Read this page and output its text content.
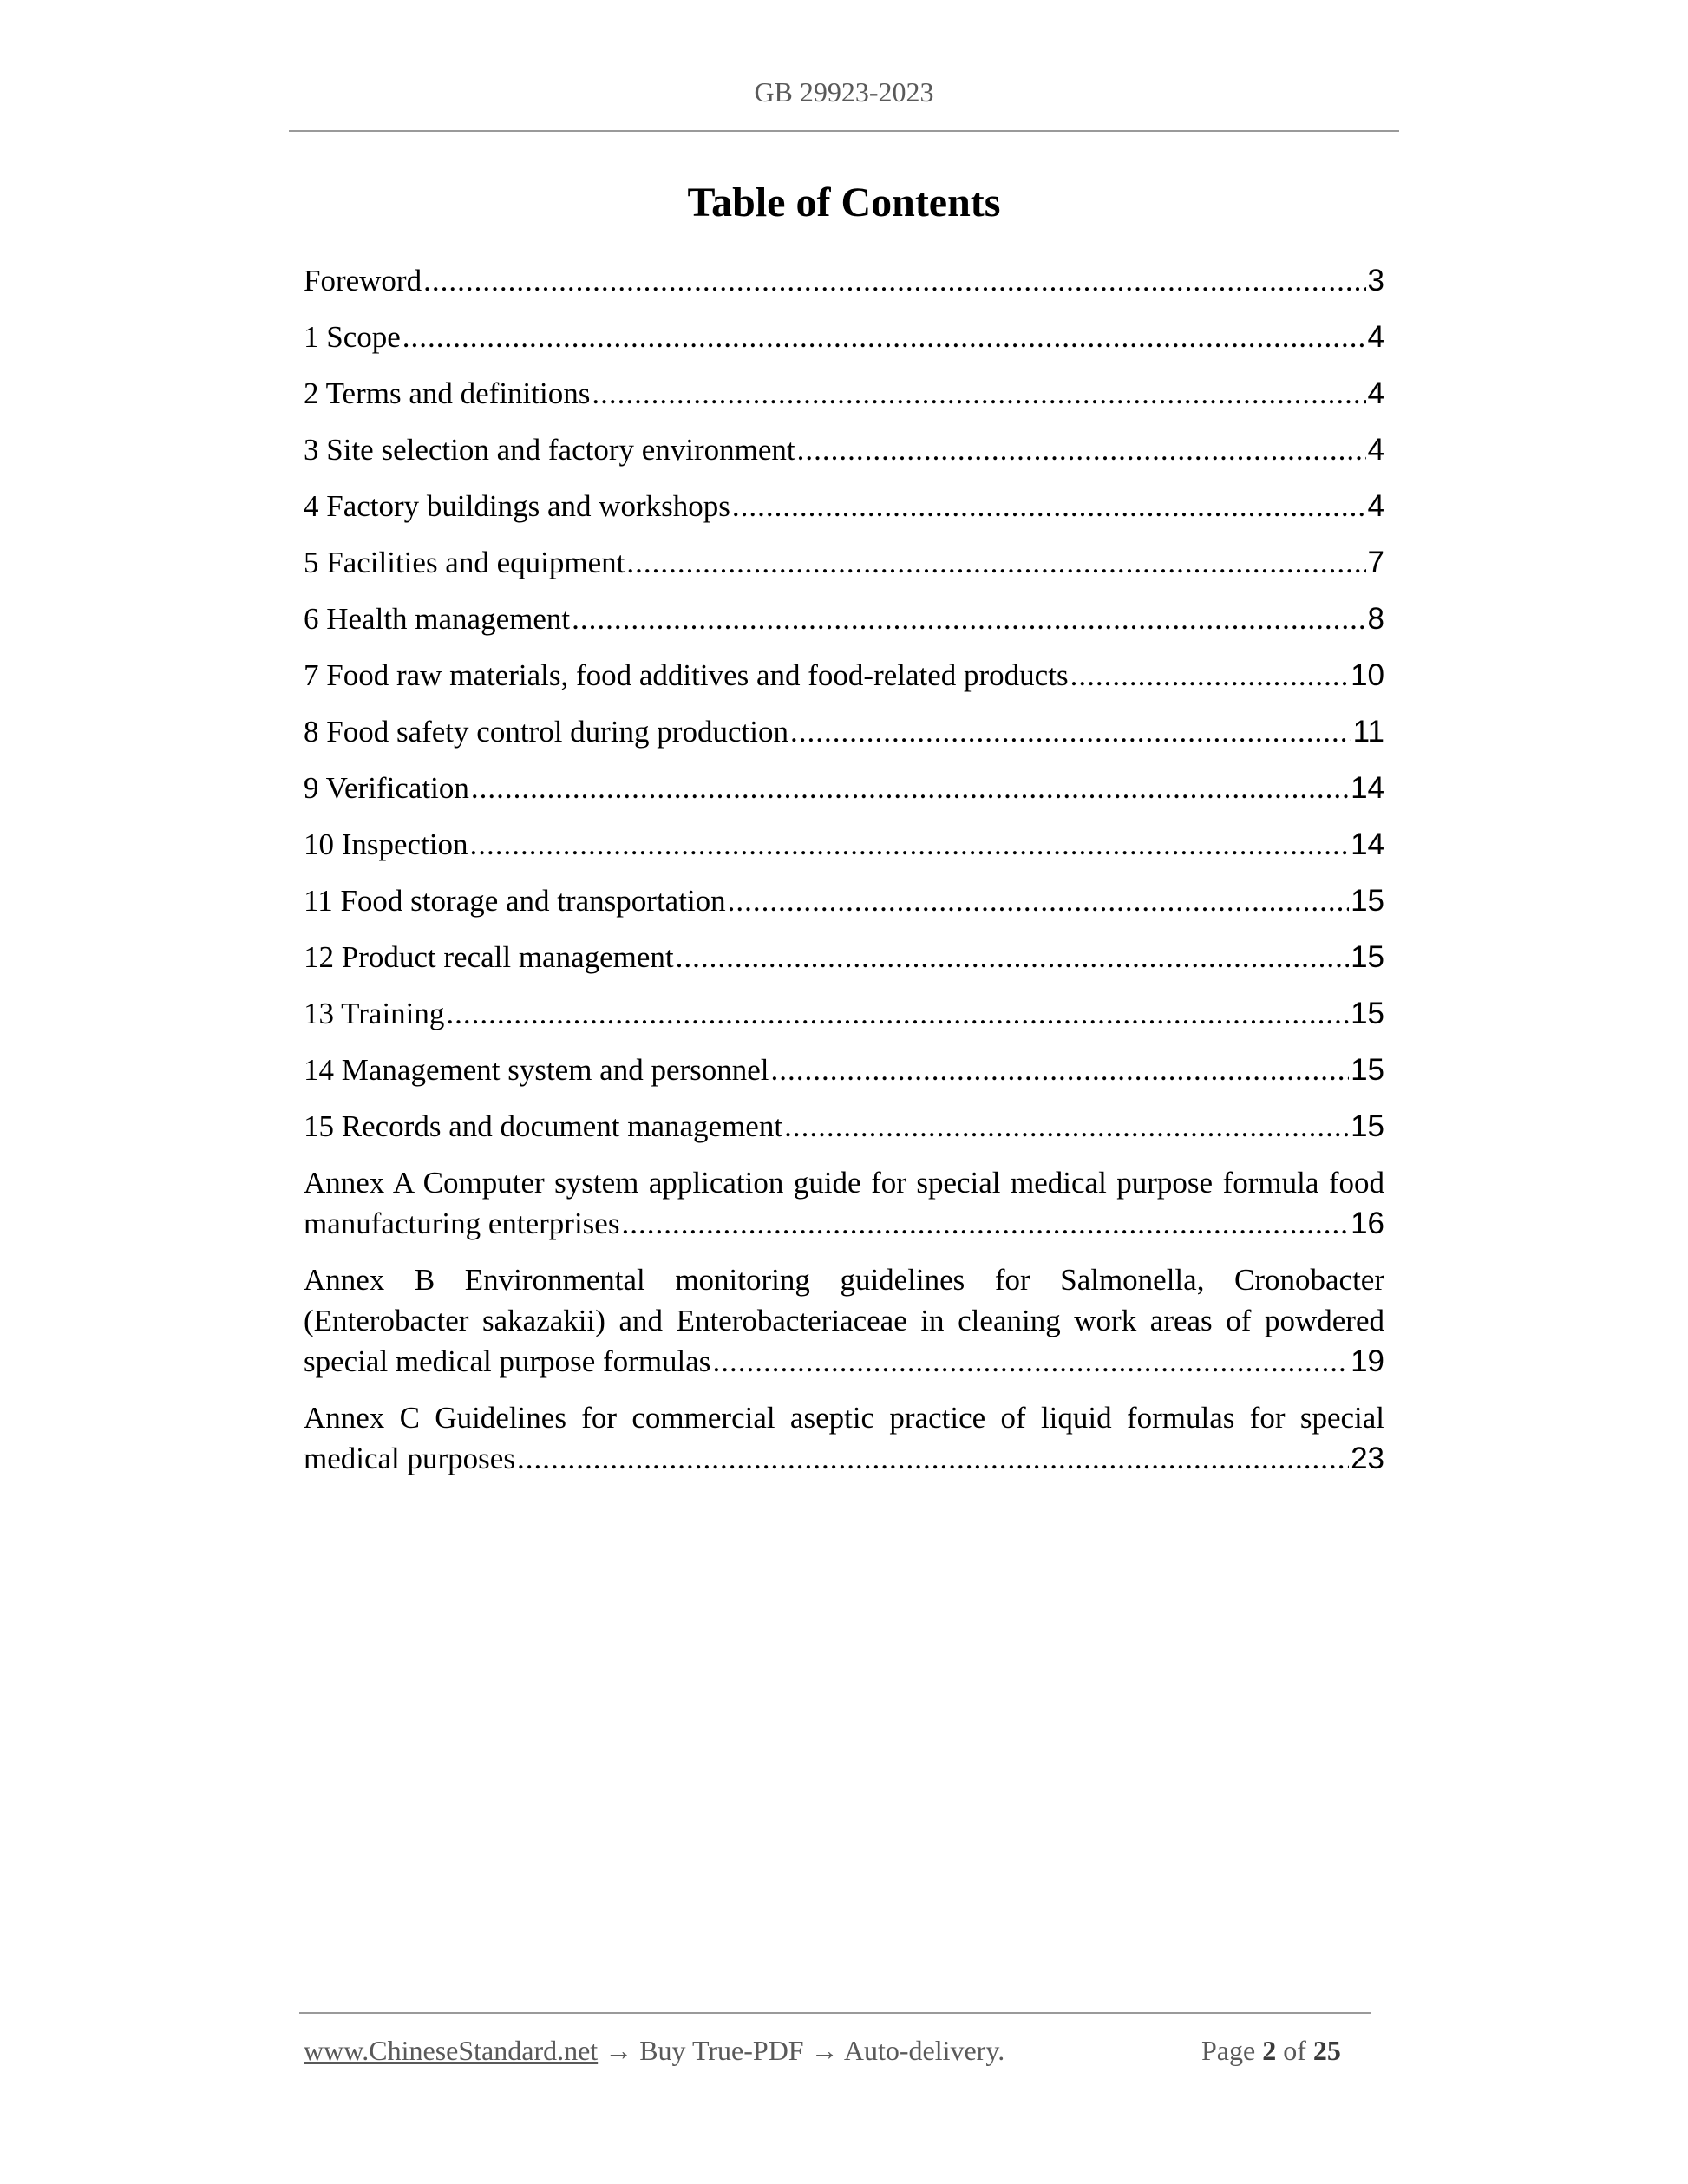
GB 29923-2023
Table of Contents
Foreword .....	3
1 Scope .....	4
2 Terms and definitions .....	4
3 Site selection and factory environment .....	4
4 Factory buildings and workshops .....	4
5 Facilities and equipment .....	7
6 Health management .....	8
7 Food raw materials, food additives and food-related products .....	10
8 Food safety control during production .....	11
9 Verification .....	14
10 Inspection .....	14
11 Food storage and transportation .....	15
12 Product recall management .....	15
13 Training .....	15
14 Management system and personnel .....	15
15 Records and document management .....	15
Annex A Computer system application guide for special medical purpose formula food
manufacturing enterprises .....	16
Annex B Environmental monitoring guidelines for Salmonella, Cronobacter (Enterobacter sakazakii) and Enterobacteriaceae in cleaning work areas of powdered
special medical purpose formulas .....	19
Annex C Guidelines for commercial aseptic practice of liquid formulas for special
medical purposes .....	23
www.ChineseStandard.net → Buy True-PDF → Auto-delivery.	Page 2 of 25
